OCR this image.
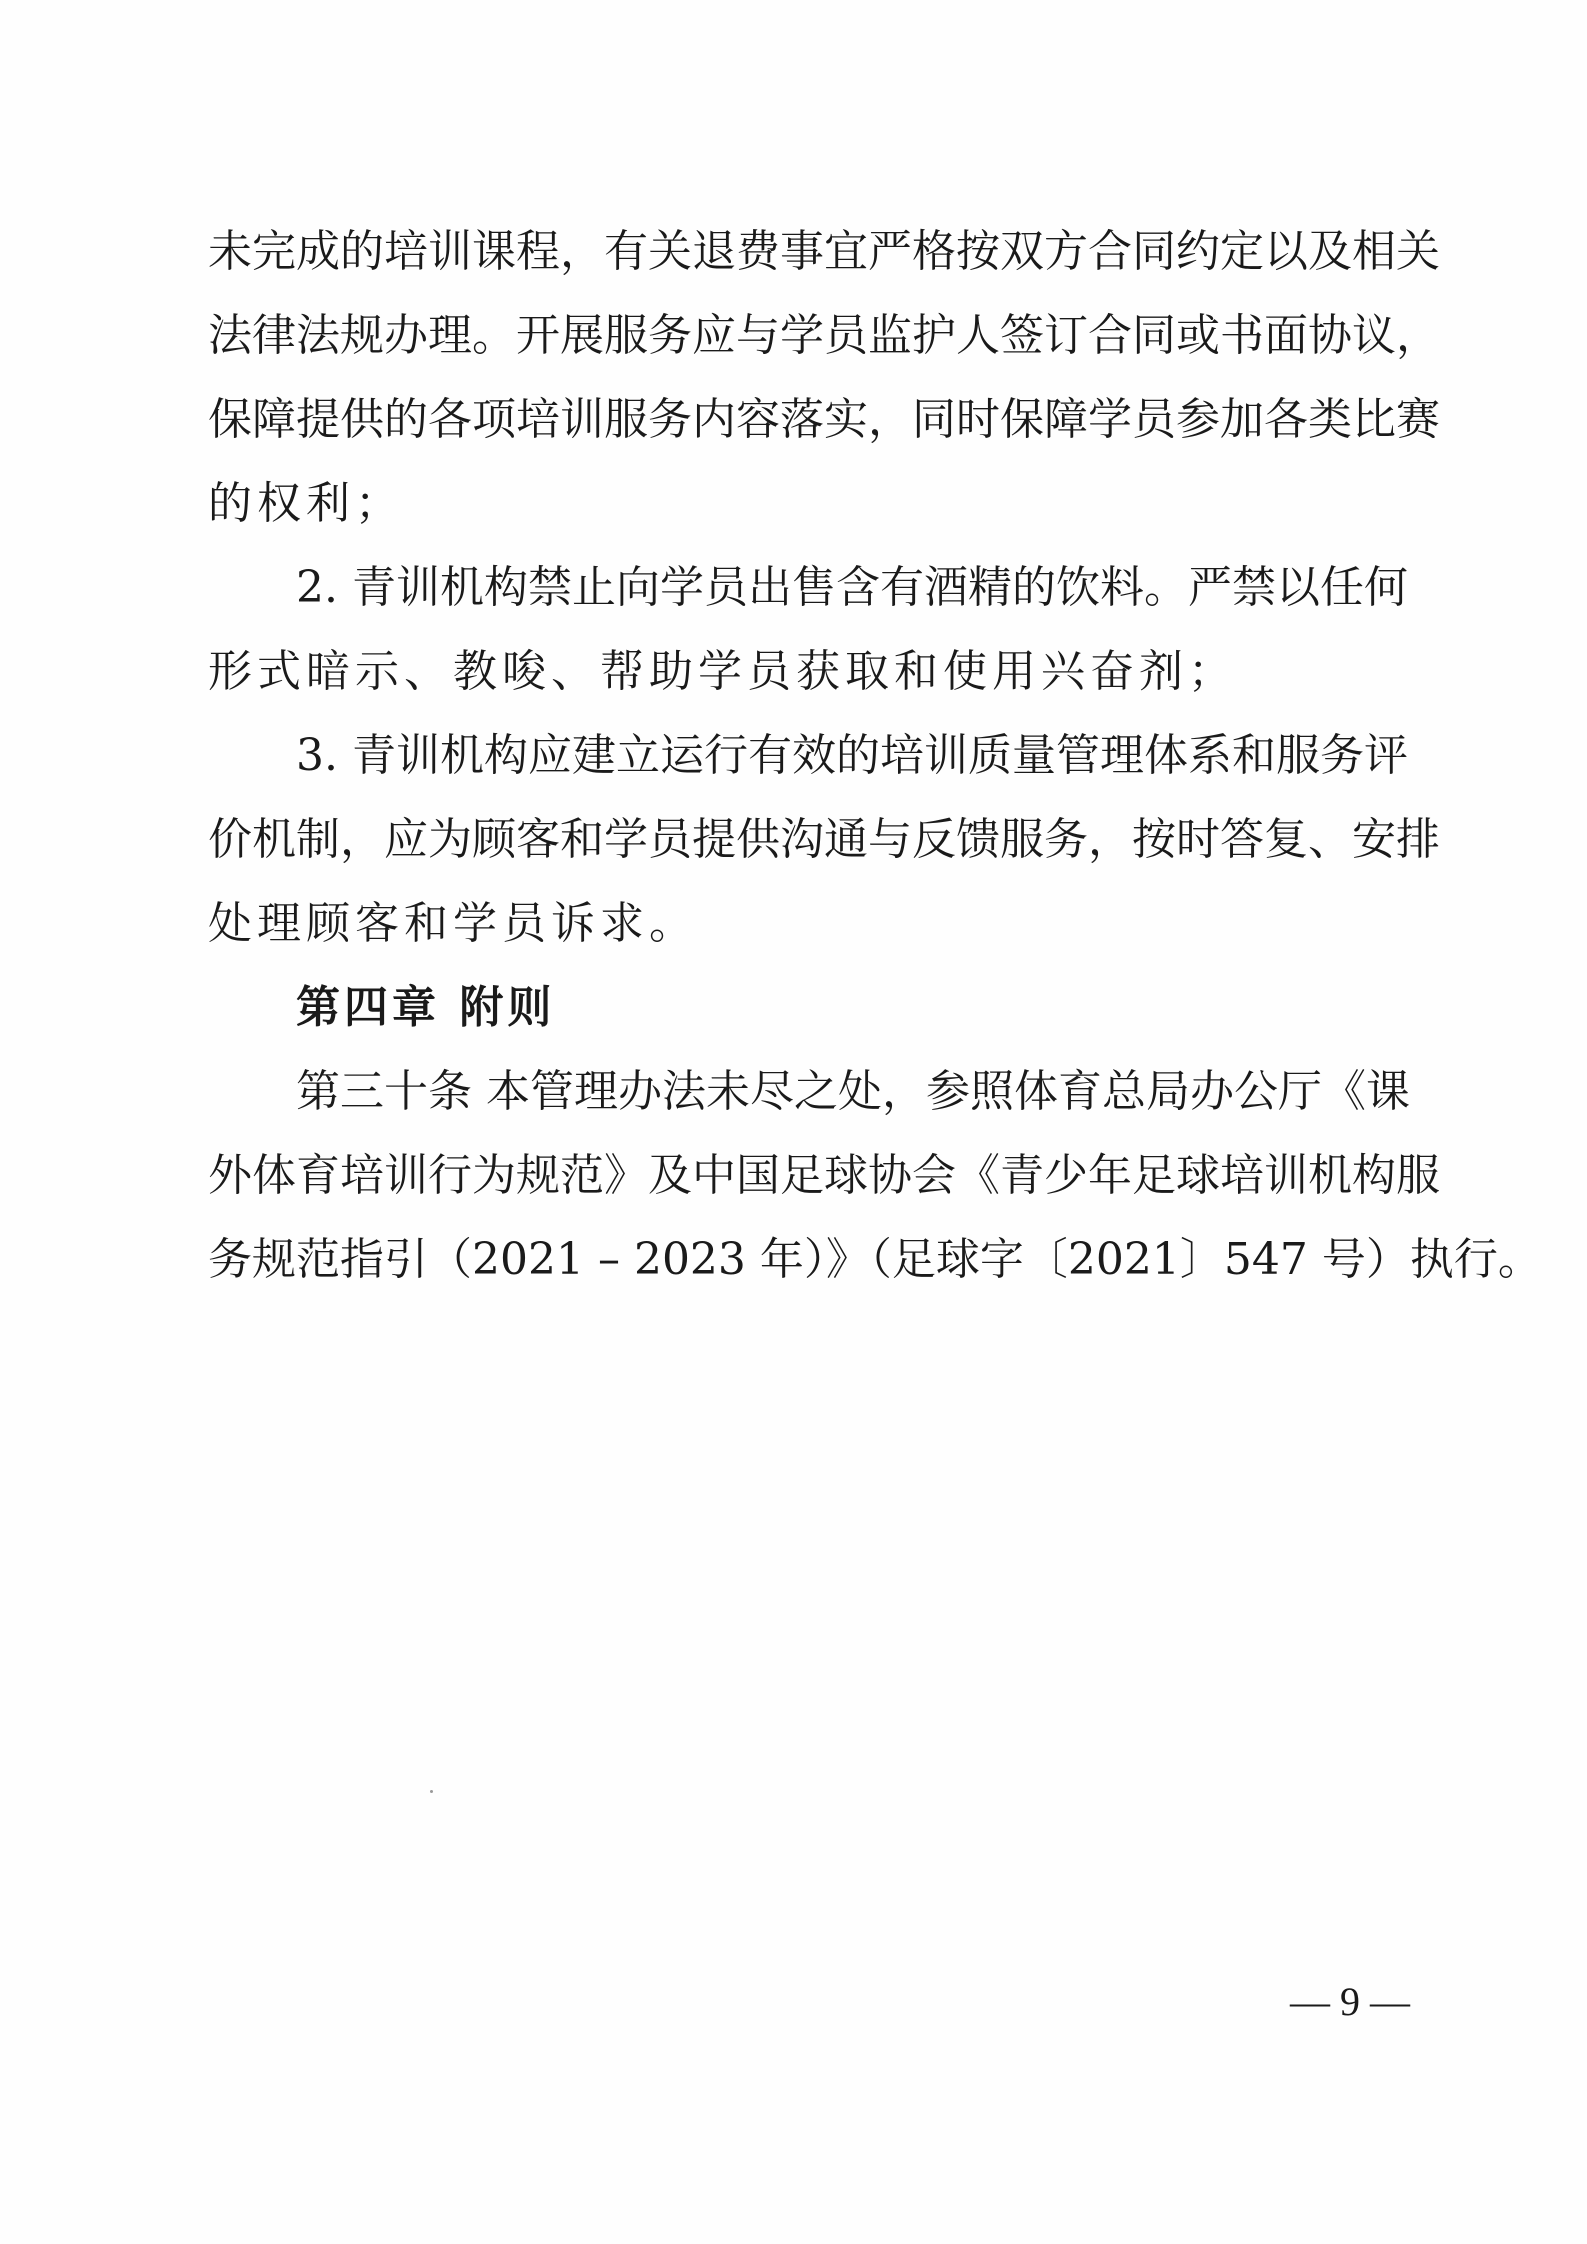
未完成的培训课程，有关退费事宜严格按双方合同约定以及相关
法律法规办理。开展服务应与学员监护人签订合同或书面协议，
保障提供的各项培训服务内容落实，同时保障学员参加各类比赛
的权利；
2. 青训机构禁止向学员出售含有酒精的饮料。严禁以任何
形式暗示、教唆、帮助学员获取和使用兴奋剂；
3. 青训机构应建立运行有效的培训质量管理体系和服务评
价机制，应为顾客和学员提供沟通与反馈服务，按时答复、安排
处理顾客和学员诉求。
第四章 附则
第三十条 本管理办法未尽之处，参照体育总局办公厅《课
外体育培训行为规范》及中国足球协会《青少年足球培训机构服
务规范指引（2021 – 2023 年）》（足球字〔2021〕547 号）执行。
— 9 —
